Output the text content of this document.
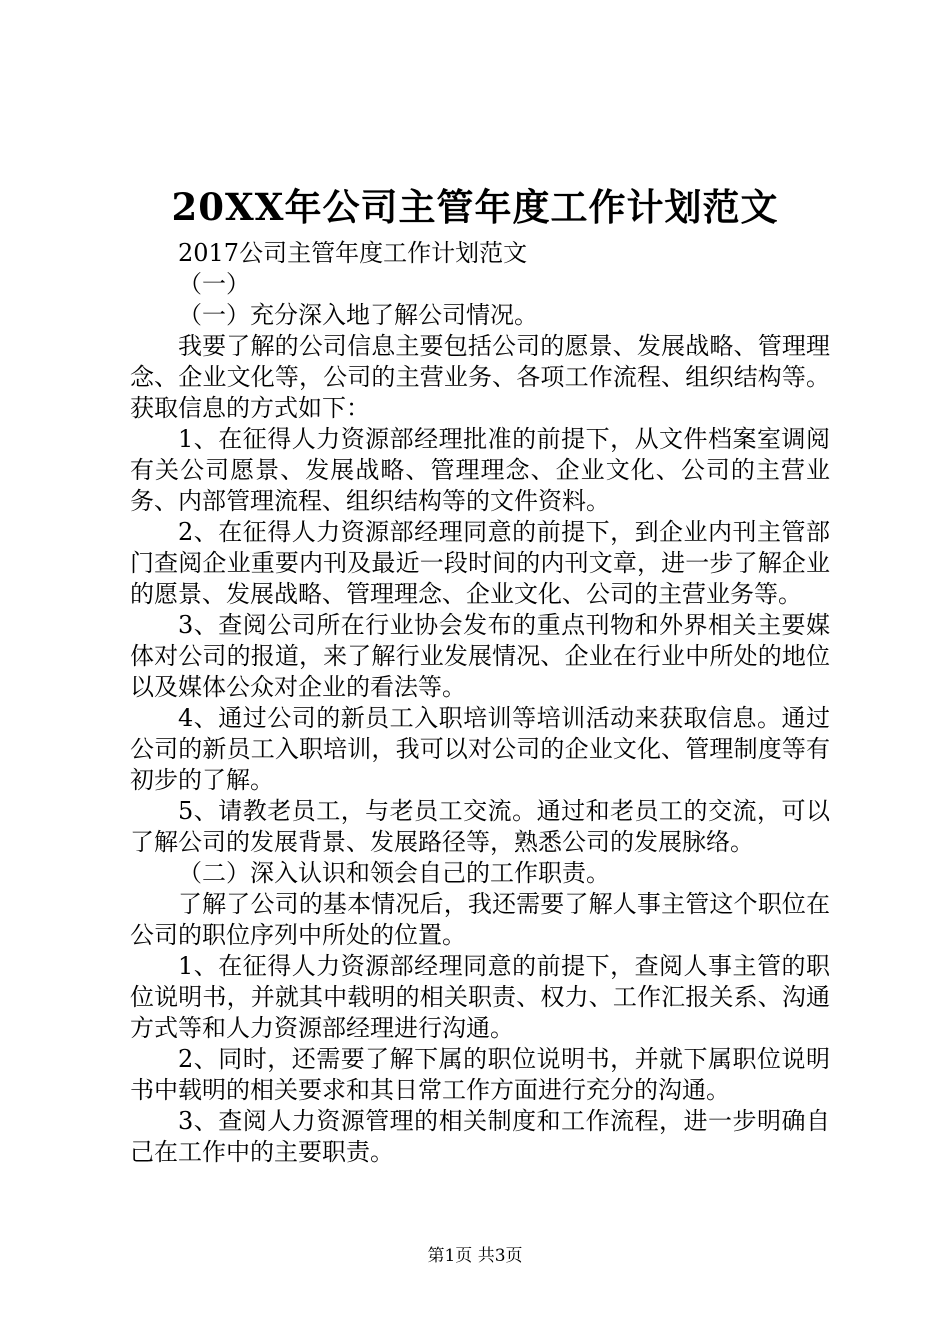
20XX年公司主管年度工作计划范文

2017公司主管年度工作计划范文

（一）

（一）充分深入地了解公司情况。

我要了解的公司信息主要包括公司的愿景、发展战略、管理理念、企业文化等，公司的主营业务、各项工作流程、组织结构等。获取信息的方式如下：

1、在征得人力资源部经理批准的前提下，从文件档案室调阅有关公司愿景、发展战略、管理理念、企业文化、公司的主营业务、内部管理流程、组织结构等的文件资料。

2、在征得人力资源部经理同意的前提下，到企业内刊主管部门查阅企业重要内刊及最近一段时间的内刊文章，进一步了解企业的愿景、发展战略、管理理念、企业文化、公司的主营业务等。

3、查阅公司所在行业协会发布的重点刊物和外界相关主要媒体对公司的报道，来了解行业发展情况、企业在行业中所处的地位以及媒体公众对企业的看法等。

4、通过公司的新员工入职培训等培训活动来获取信息。通过公司的新员工入职培训，我可以对公司的企业文化、管理制度等有初步的了解。

5、请教老员工，与老员工交流。通过和老员工的交流，可以了解公司的发展背景、发展路径等，熟悉公司的发展脉络。

（二）深入认识和领会自己的工作职责。

了解了公司的基本情况后，我还需要了解人事主管这个职位在公司的职位序列中所处的位置。

1、在征得人力资源部经理同意的前提下，查阅人事主管的职位说明书，并就其中载明的相关职责、权力、工作汇报关系、沟通方式等和人力资源部经理进行沟通。

2、同时，还需要了解下属的职位说明书，并就下属职位说明书中载明的相关要求和其日常工作方面进行充分的沟通。

3、查阅人力资源管理的相关制度和工作流程，进一步明确自己在工作中的主要职责。

第1页 共3页
